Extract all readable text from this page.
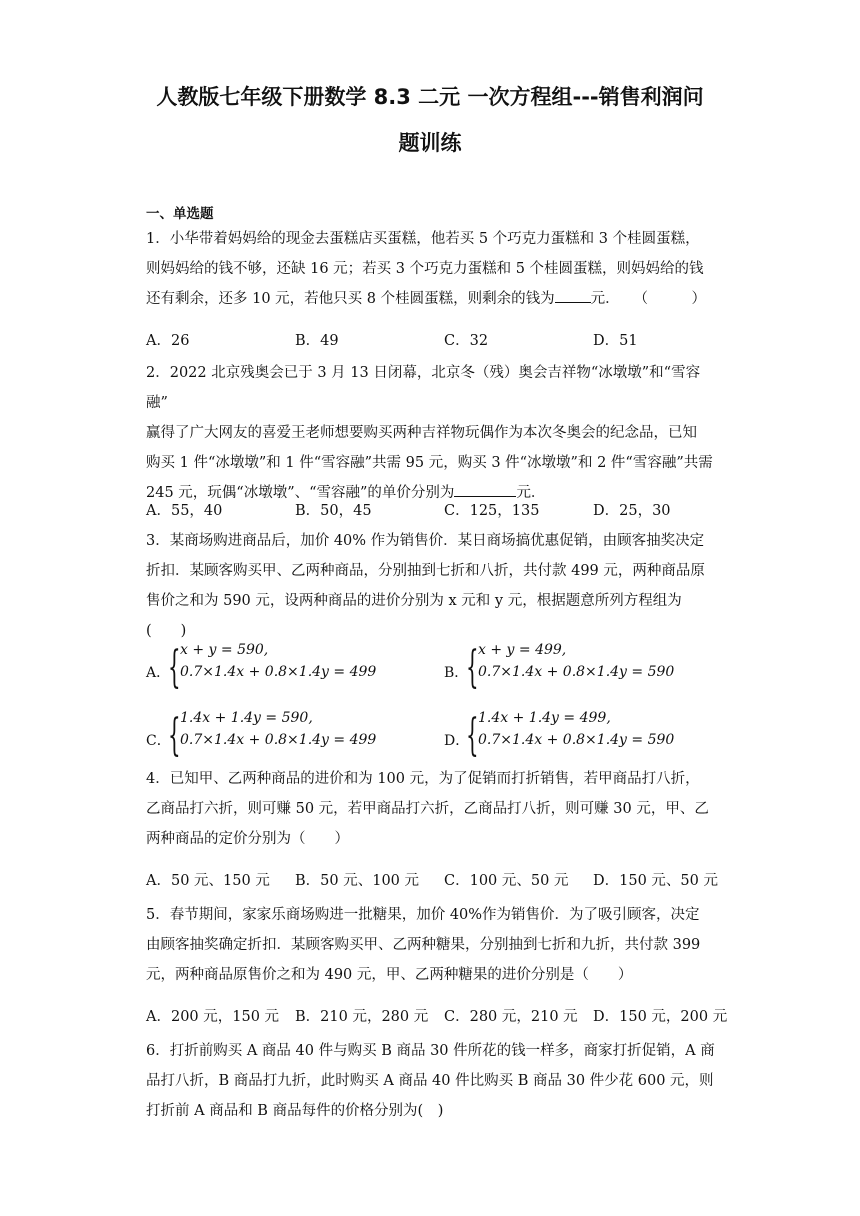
人教版七年级下册数学 8.3 二元 一次方程组---销售利润问
题训练
一、单选题
1．小华带着妈妈给的现金去蛋糕店买蛋糕，他若买 5 个巧克力蛋糕和 3 个桂圆蛋糕，
则妈妈给的钱不够，还缺 16 元；若买 3 个巧克力蛋糕和 5 个桂圆蛋糕，则妈妈给的钱
还有剩余，还多 10 元，若他只买 8 个桂圆蛋糕，则剩余的钱为 元． （　　　）
A．26	B．49	C．32	D．51
2．2022 北京残奥会已于 3 月 13 日闭幕，北京冬（残）奥会吉祥物“冰墩墩”和“雪容融”
赢得了广大网友的喜爱王老师想要购买两种吉祥物玩偶作为本次冬奥会的纪念品，已知
购买 1 件“冰墩墩”和 1 件“雪容融”共需 95 元，购买 3 件“冰墩墩”和 2 件“雪容融”共需
245 元，玩偶“冰墩墩”、“雪容融”的单价分别为	元．
A．55，40	B．50，45	C．125，135	D．25，30
3．某商场购进商品后，加价 40% 作为销售价．某日商场搞优惠促销，由顾客抽奖决定
折扣．某顾客购买甲、乙两种商品，分别抽到七折和八折，共付款 499 元，两种商品原
售价之和为 590 元，设两种商品的进价分别为 x 元和 y 元，根据题意所列方程组为(　　)
A．
{ x + y = 590,
0.7×1.4x + 0.8×1.4y = 499	B．
{ x + y = 499,
0.7×1.4x + 0.8×1.4y = 590
C．
{ 1.4x + 1.4y = 590,
0.7×1.4x + 0.8×1.4y = 499	D．
{ 1.4x + 1.4y = 499,
0.7×1.4x + 0.8×1.4y = 590
4．已知甲、乙两种商品的进价和为 100 元，为了促销而打折销售，若甲商品打八折，
乙商品打六折，则可赚 50 元，若甲商品打六折，乙商品打八折，则可赚 30 元，甲、乙
两种商品的定价分别为（　　）
A．50 元、150 元 B．50 元、100 元 C．100 元、50 元 D．150 元、50 元
5．春节期间，家家乐商场购进一批糖果，加价 40%作为销售价．为了吸引顾客，决定
由顾客抽奖确定折扣．某顾客购买甲、乙两种糖果，分别抽到七折和九折，共付款 399
元，两种商品原售价之和为 490 元，甲、乙两种糖果的进价分别是（　　）
A．200 元，150 元 B．210 元，280 元 C．280 元，210 元 D．150 元，200 元
6．打折前购买 A 商品 40 件与购买 B 商品 30 件所花的钱一样多，商家打折促销，A 商
品打八折，B 商品打九折，此时购买 A 商品 40 件比购买 B 商品 30 件少花 600 元，则
打折前 A 商品和 B 商品每件的价格分别为(　)
